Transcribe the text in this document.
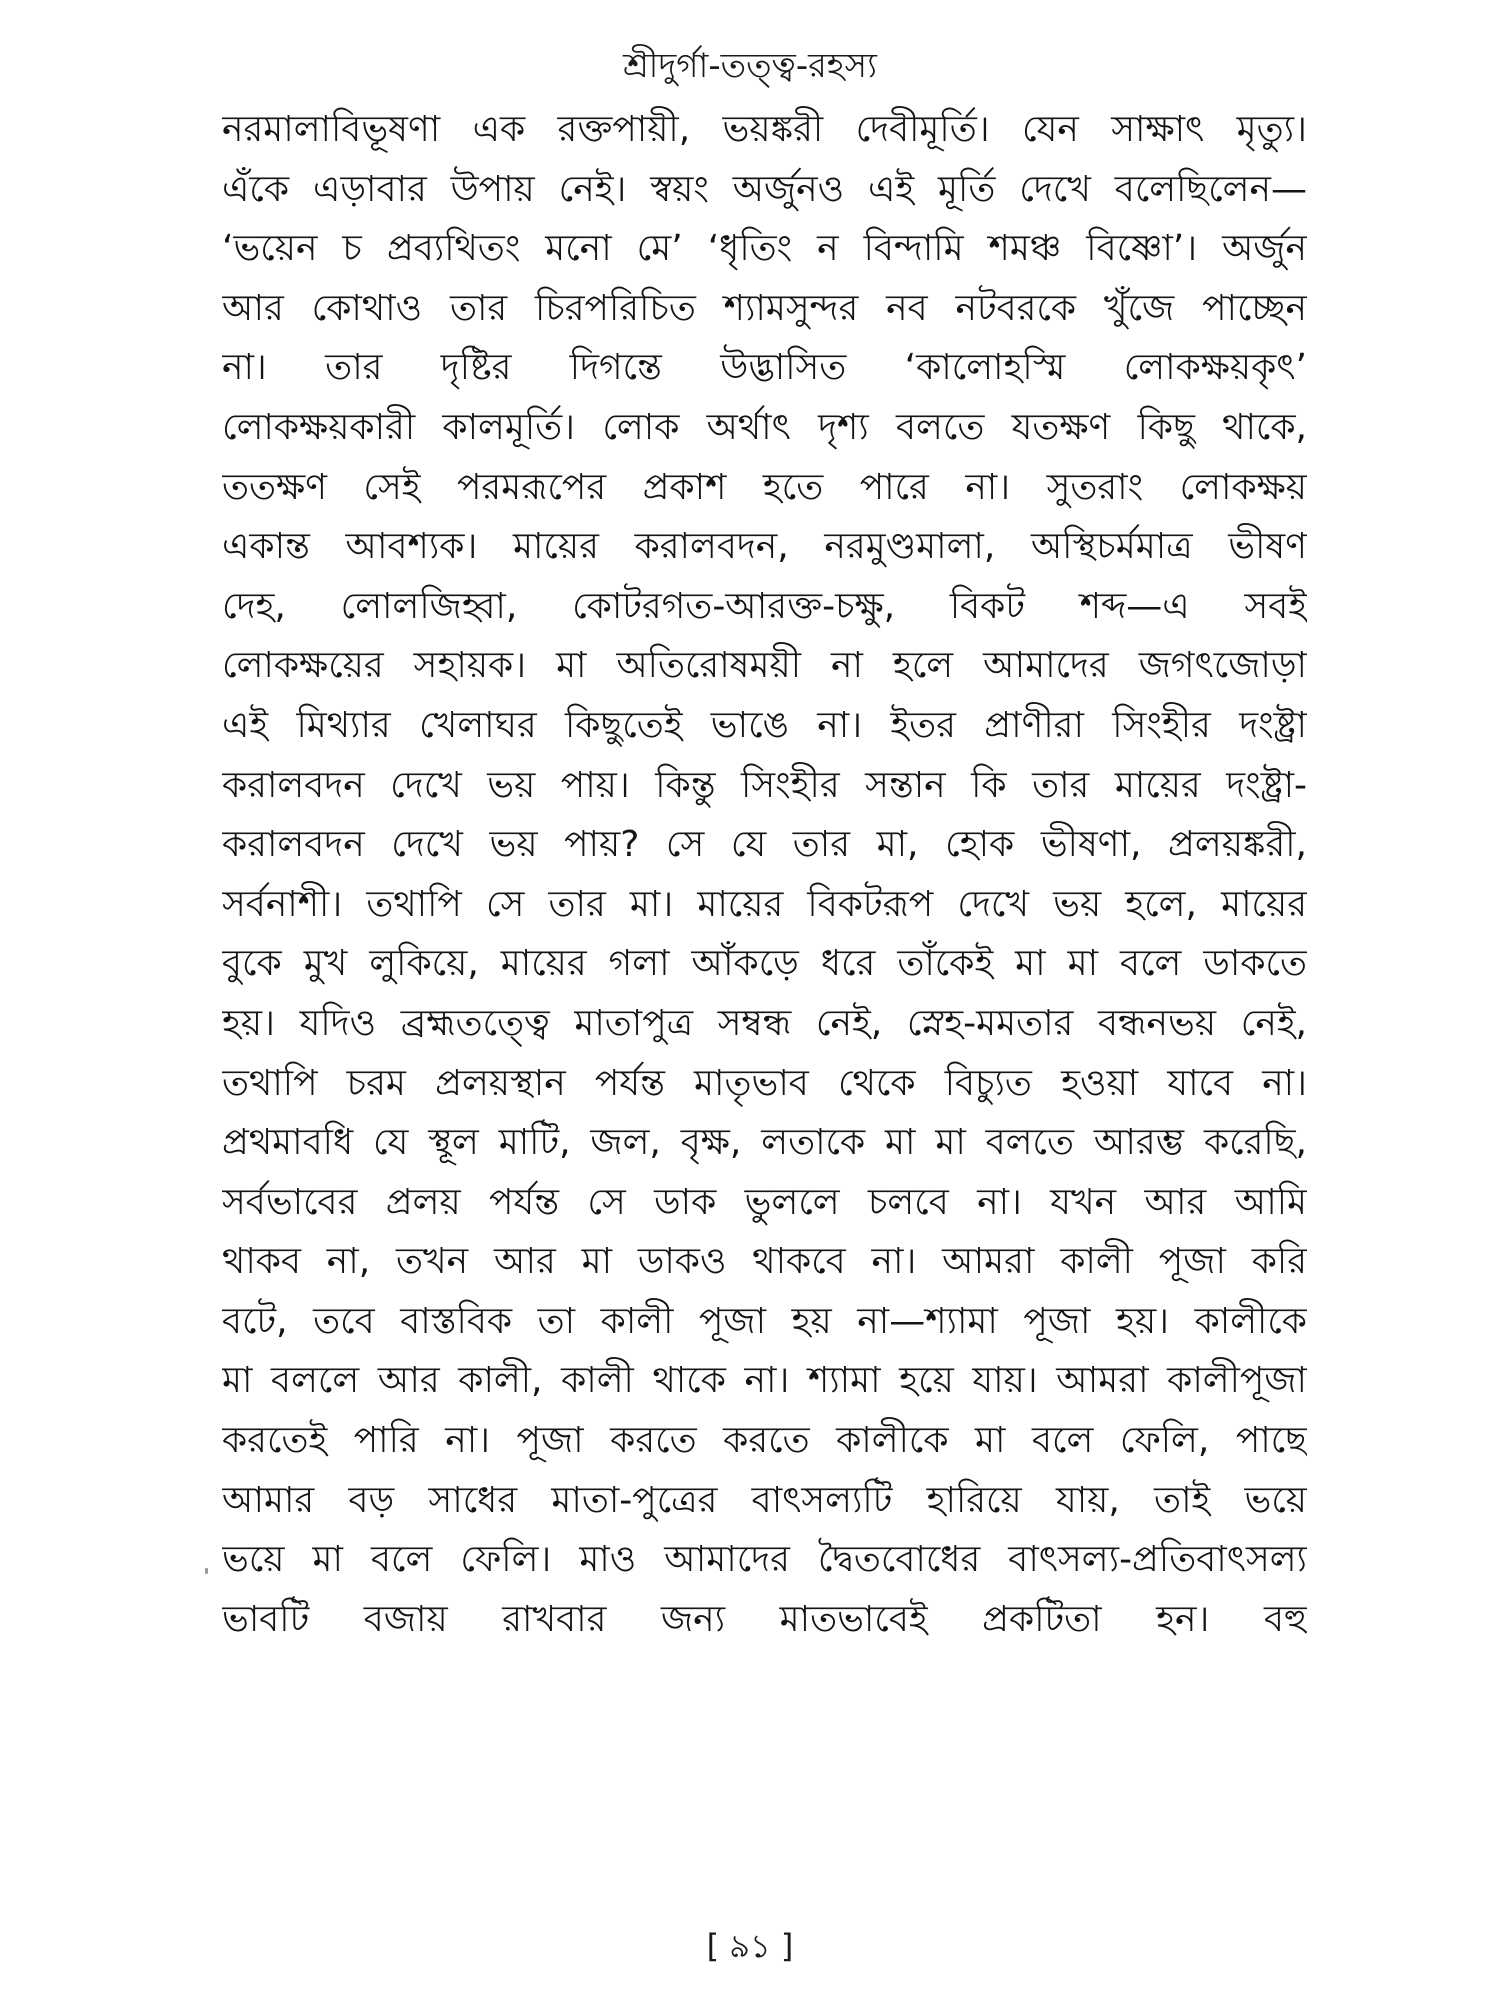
শ্রীদুর্গা-তত্ত্ব-রহস্য
নরমালাবিভূষণা এক রক্তপায়ী, ভয়ঙ্করী দেবীমূর্তি। যেন সাক্ষাৎ মৃত্যু।
এঁকে এড়াবার উপায় নেই। স্বয়ং অর্জুনও এই মূর্তি দেখে বলেছিলেন—
‘ভয়েন চ প্রব্যথিতং মনো মে’ ‘ধৃতিং ন বিন্দামি শমঞ্চ বিষ্ণো’। অর্জুন
আর কোথাও তার চিরপরিচিত শ্যামসুন্দর নব নটবরকে খুঁজে পাচ্ছেন
না। তার দৃষ্টির দিগন্তে উদ্ভাসিত ‘কালোহস্মি লোকক্ষয়কৃৎ’
লোকক্ষয়কারী কালমূর্তি। লোক অর্থাৎ দৃশ্য বলতে যতক্ষণ কিছু থাকে,
ততক্ষণ সেই পরমরূপের প্রকাশ হতে পারে না। সুতরাং লোকক্ষয়
একান্ত আবশ্যক। মায়ের করালবদন, নরমুণ্ডমালা, অস্থিচর্মমাত্র ভীষণ
দেহ, লোলজিহ্বা, কোটরগত-আরক্ত-চক্ষু, বিকট শব্দ—এ সবই
লোকক্ষয়ের সহায়ক। মা অতিরোষময়ী না হলে আমাদের জগৎজোড়া
এই মিথ্যার খেলাঘর কিছুতেই ভাঙে না। ইতর প্রাণীরা সিংহীর দংষ্ট্রা
করালবদন দেখে ভয় পায়। কিন্তু সিংহীর সন্তান কি তার মায়ের দংষ্ট্রা-
করালবদন দেখে ভয় পায়? সে যে তার মা, হোক ভীষণা, প্রলয়ঙ্করী,
সর্বনাশী। তথাপি সে তার মা। মায়ের বিকটরূপ দেখে ভয় হলে, মায়ের
বুকে মুখ লুকিয়ে, মায়ের গলা আঁকড়ে ধরে তাঁকেই মা মা বলে ডাকতে
হয়। যদিও ব্রহ্মতত্ত্বে মাতাপুত্র সম্বন্ধ নেই, স্নেহ-মমতার বন্ধনভয় নেই,
তথাপি চরম প্রলয়স্থান পর্যন্ত মাতৃভাব থেকে বিচ্যুত হওয়া যাবে না।
প্রথমাবধি যে স্থূল মাটি, জল, বৃক্ষ, লতাকে মা মা বলতে আরম্ভ করেছি,
সর্বভাবের প্রলয় পর্যন্ত সে ডাক ভুললে চলবে না। যখন আর আমি
থাকব না, তখন আর মা ডাকও থাকবে না। আমরা কালী পূজা করি
বটে, তবে বাস্তবিক তা কালী পূজা হয় না—শ্যামা পূজা হয়। কালীকে
মা বললে আর কালী, কালী থাকে না। শ্যামা হয়ে যায়। আমরা কালীপূজা
করতেই পারি না। পূজা করতে করতে কালীকে মা বলে ফেলি, পাছে
আমার বড় সাধের মাতা-পুত্রের বাৎসল্যটি হারিয়ে যায়, তাই ভয়ে
ভয়ে মা বলে ফেলি। মাও আমাদের দ্বৈতবোধের বাৎসল্য-প্রতিবাৎসল্য
ভাবটি বজায় রাখবার জন্য মাতভাবেই প্রকটিতা হন। বহু
[ ৯১ ]
